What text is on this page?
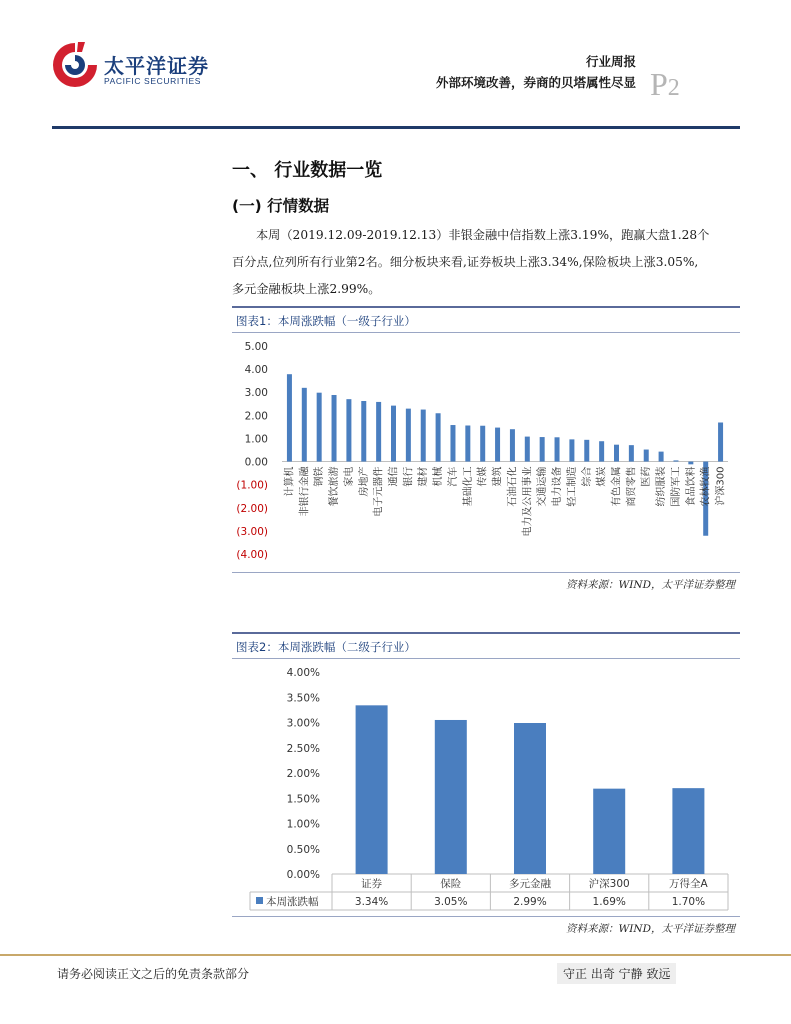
太平洋证券
PACIFIC SECURITIES
行业周报
外部环境改善，券商的贝塔属性尽显 P2
一、 行业数据一览
(一) 行情数据
本周（2019.12.09-2019.12.13）非银金融中信指数上涨3.19%，跑赢大盘1.28个
百分点,位列所有行业第2名。细分板块来看,证券板块上涨3.34%,保险板块上涨3.05%,
多元金融板块上涨2.99%。
图表1：本周涨跌幅（一级子行业）
5.00
4.00
3.00
2.00
1.00
0.00
(1.00)
(2.00)
(3.00)
(4.00)
计算机 非银行金融 钢铁 餐饮旅游 家电 房地产 电子元器件 通信 银行 建材 机械 汽车 基础化工 传媒 建筑 石油石化 电力及公用事业 交通运输 电力设备 轻工制造 综合 煤炭 有色金属 商贸零售 医药 纺织服装 国防军工 食品饮料 农林牧渔 沪深300
资料来源：WIND，太平洋证券整理
图表2：本周涨跌幅（二级子行业）
4.00%
3.50%
3.00%
2.50%
2.00%
1.50%
1.00%
0.50%
0.00%
证券
3.34%
保险
3.05%
多元金融
2.99%
沪深300
1.69%
万得全A
1.70%
本周涨跌幅
资料来源：WIND，太平洋证券整理
请务必阅读正文之后的免责条款部分	守正 出奇 宁静 致远
